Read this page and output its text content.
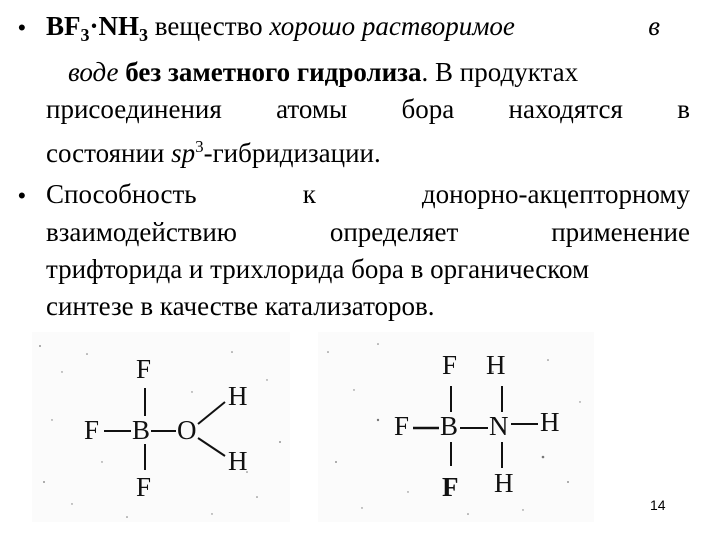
• $BF_3\cdot NH_3$ вещество хорошо растворимое	в
воде без заметного гидролиза. В продуктах
присоединения атомы бора находятся в
состоянии $sp^3$-гибридизации.
• Способность	к	донорно-акцепторному
взаимодействию	определяет	применение
трифторида и трихлорида бора в органическом
синтезе в качестве катализаторов.
F
F B O
H
H
F
F H
F B N H
F H
14
